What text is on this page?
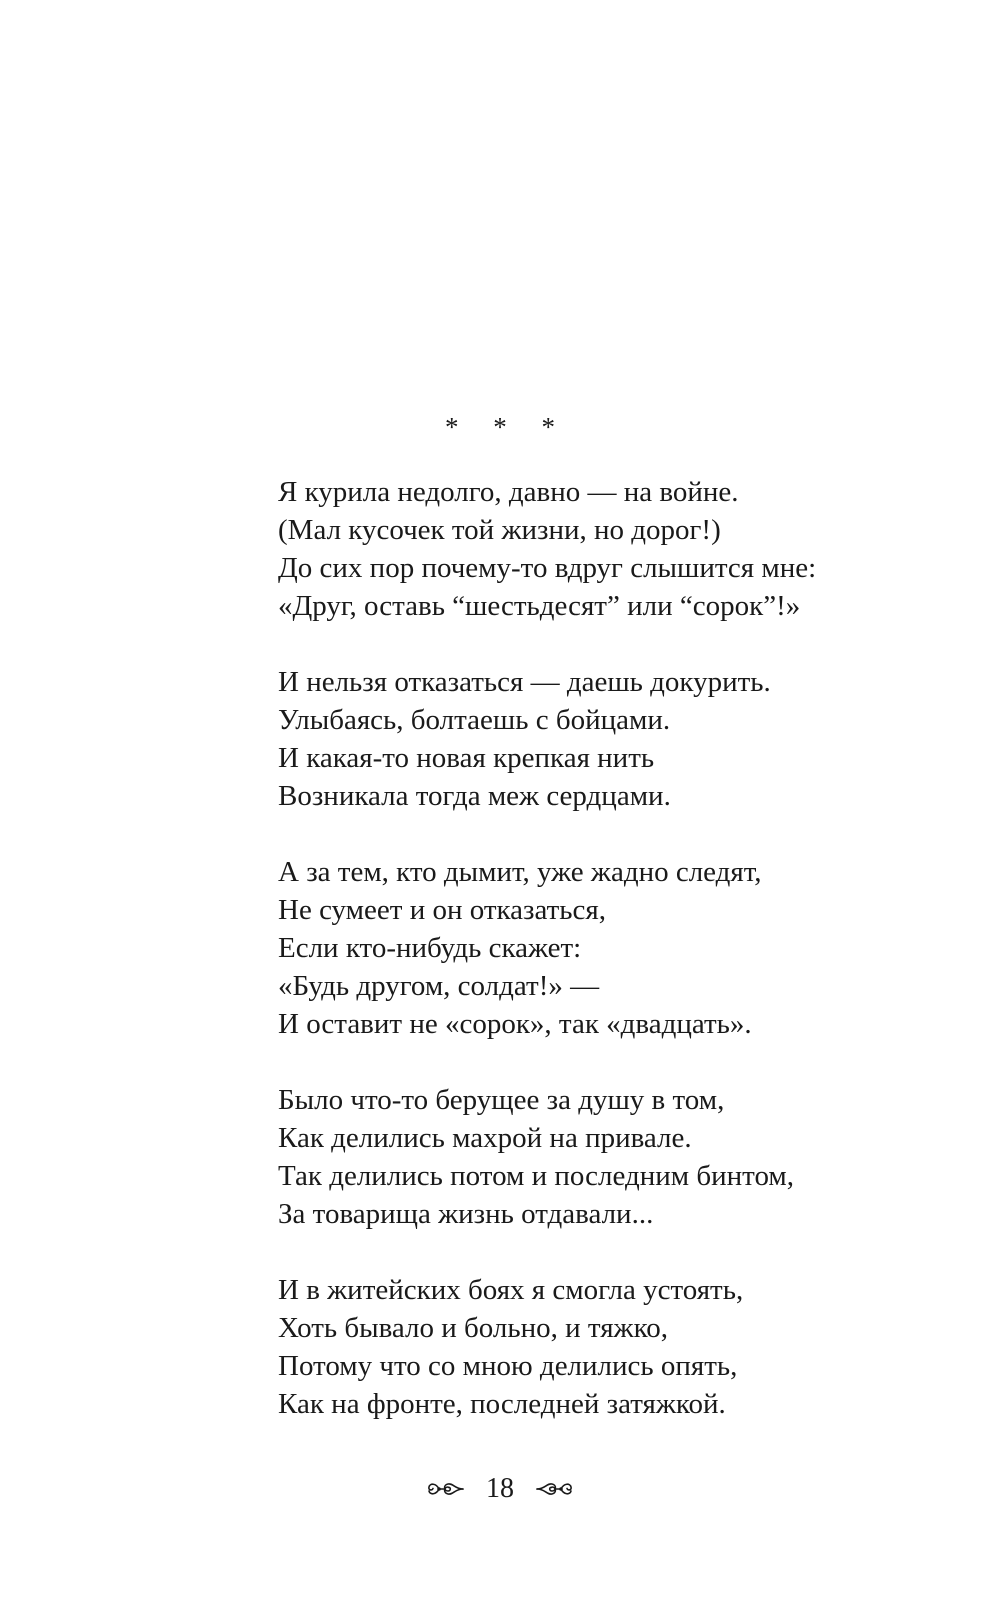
* * *
Я курила недолго, давно — на войне.
(Мал кусочек той жизни, но дорог!)
До сих пор почему-то вдруг слышится мне:
«Друг, оставь “шестьдесят” или “сорок”!»
И нельзя отказаться — даешь докурить.
Улыбаясь, болтаешь с бойцами.
И какая-то новая крепкая нить
Возникала тогда меж сердцами.
А за тем, кто дымит, уже жадно следят,
Не сумеет и он отказаться,
Если кто-нибудь скажет:
«Будь другом, солдат!» —
И оставит не «сорок», так «двадцать».
Было что-то берущее за душу в том,
Как делились махрой на привале.
Так делились потом и последним бинтом,
За товарища жизнь отдавали...
И в житейских боях я смогла устоять,
Хоть бывало и больно, и тяжко,
Потому что со мною делились опять,
Как на фронте, последней затяжкой.
18
